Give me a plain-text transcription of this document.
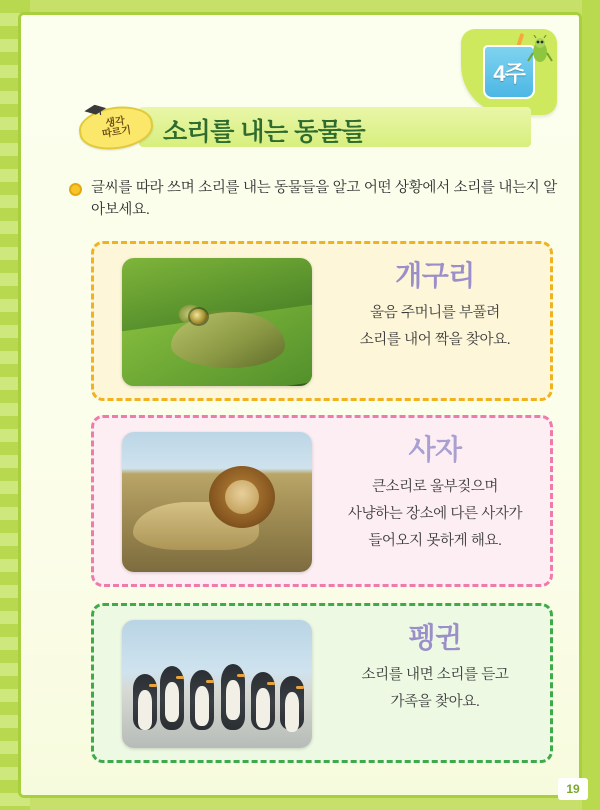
4주
소리를 내는 동물들
생각
따르기
글씨를 따라 쓰며 소리를 내는 동물들을 알고 어떤 상황에서 소리를 내는지 알아보세요.
개구리
울음 주머니를 부풀려
소리를 내어 짝을 찾아요.
사자
큰소리로 울부짖으며
사냥하는 장소에 다른 사자가
들어오지 못하게 해요.
펭귄
소리를 내면 소리를 듣고
가족을 찾아요.
19
